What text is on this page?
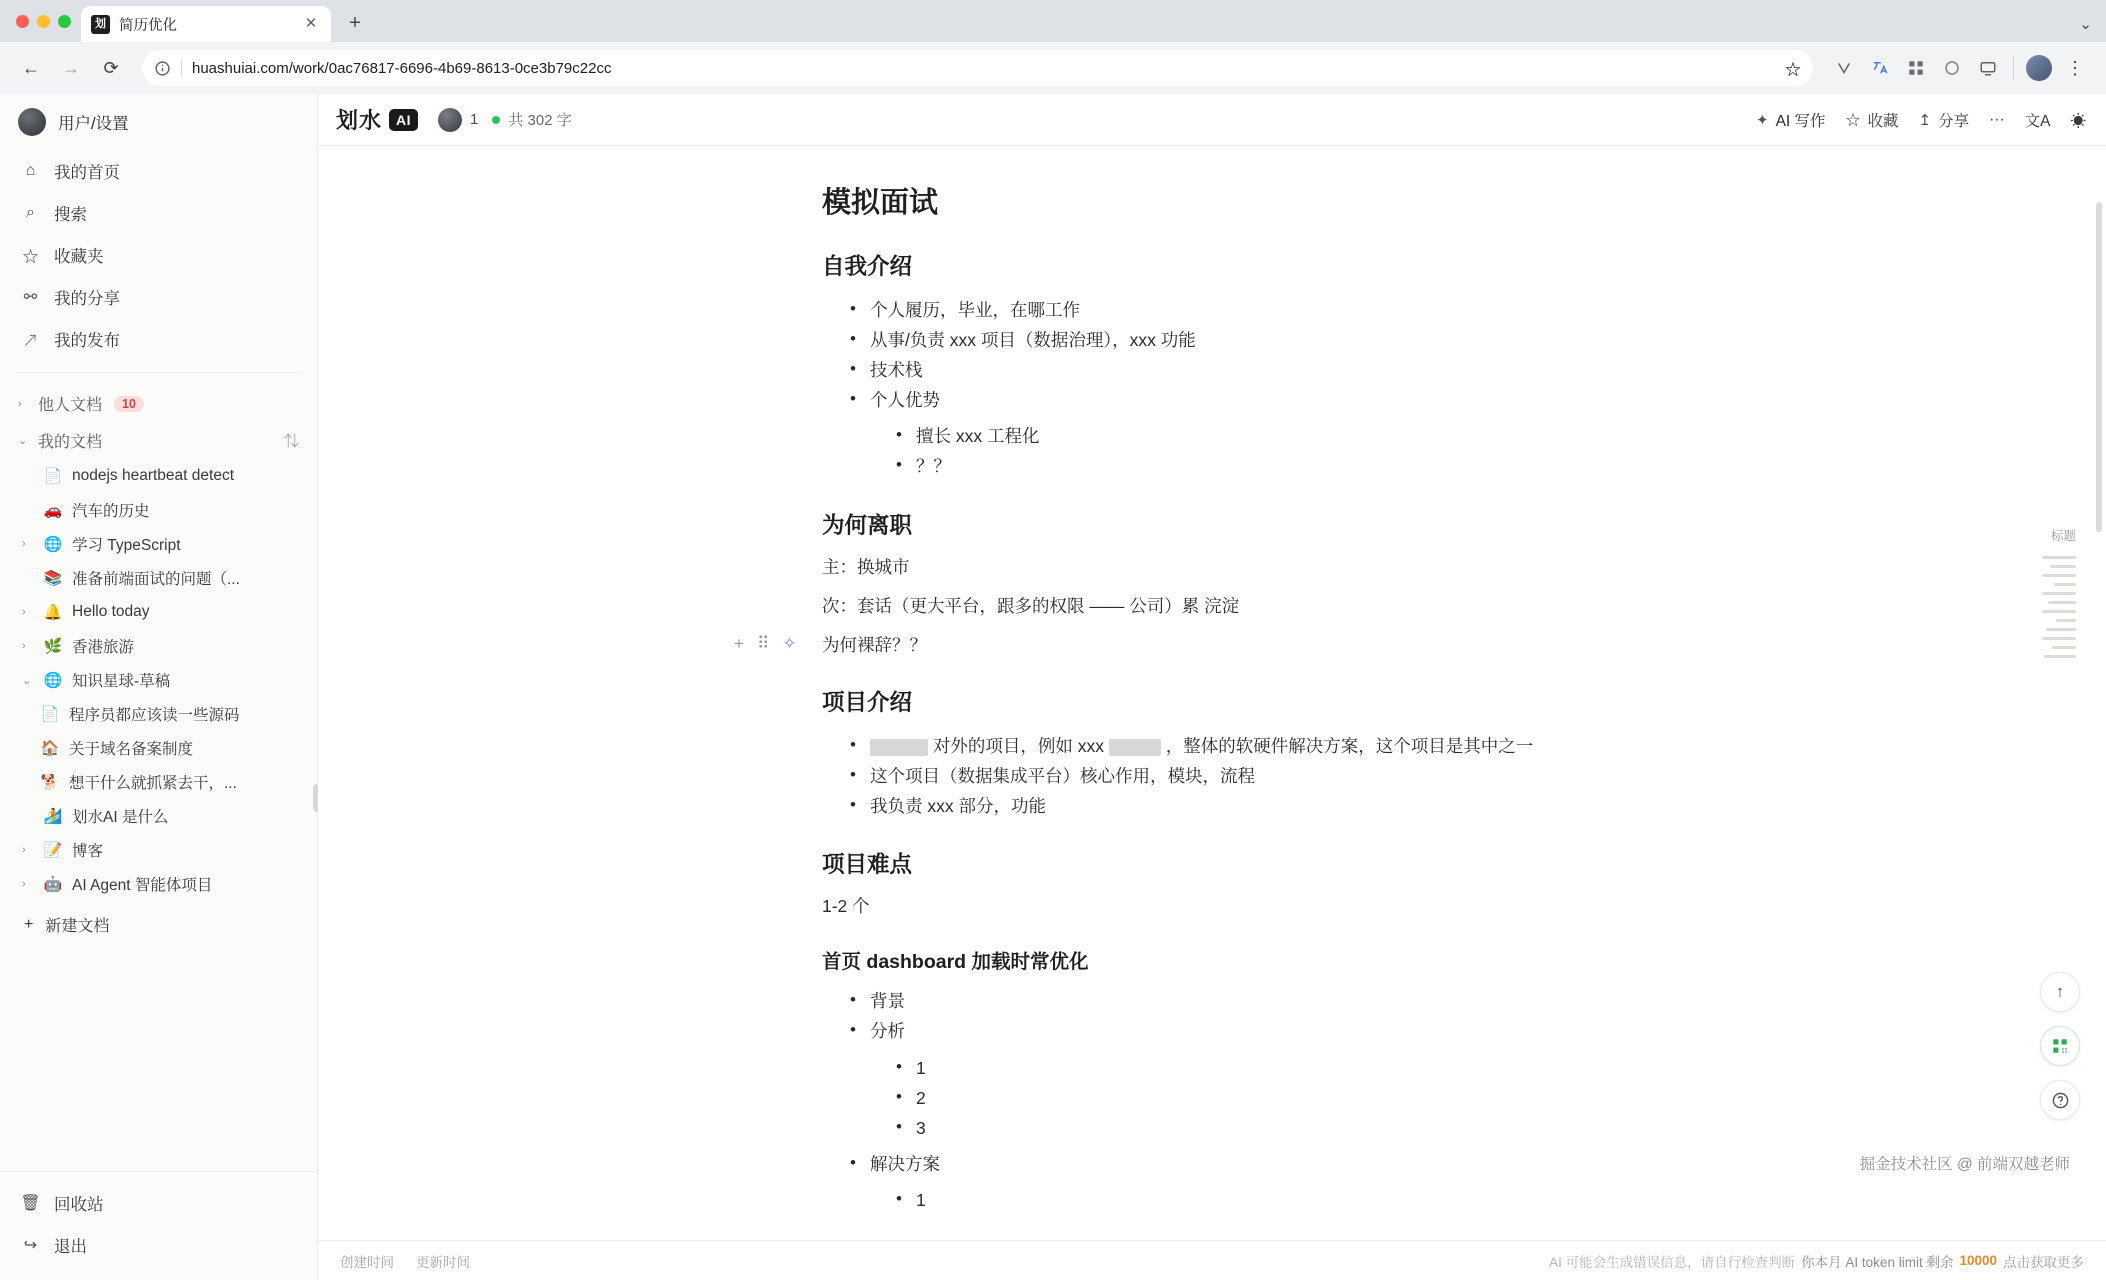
划 简历优化	✕	+	⌄
←	→	⟳	huashuiai.com/work/0ac76817-6696-4b69-8613-0ce3b79c22cc	☆	⋮
用户/设置
⌂	我的首页
⌕	搜索
☆ 收藏夹
⚯ 我的分享
↗ 我的发布
›	他人文档	10
⌄ 我的文档	⇅
📄 nodejs heartbeat detect
🚗 汽车的历史
›	🌐 学习 TypeScript
📚 准备前端面试的问题（...
›	🔔 Hello today
›	🌿 香港旅游
⌄ 🌐 知识星球-草稿
📄 程序员都应该读一些源码
🏠 关于域名备案制度
🐕 想干什么就抓紧去干，...
🏄 划水AI 是什么
›	📝 博客
›	🤖 AI Agent 智能体项目
+ 新建文档
🗑 回收站
↪ 退出
划水	AI	1 共 302 字	✦ AI 写作 ☆ 收藏 ↥ 分享 ··· 文A ☀
模拟面试
自我介绍
• 个人履历，毕业，在哪工作
• 从事/负责 xxx 项目（数据治理），xxx 功能
• 技术栈
• 个人优势
• 擅长 xxx 工程化
• ？？
为何离职

主：换城市

次：套话（更大平台，跟多的权限 —— 公司）累 浣淀

+ ⠿ ✧ 为何裸辞？？

项目介绍
• 对外的项目，例如 xxx	，整体的软硬件解决方案，这个项目是其中之一
• 这个项目（数据集成平台）核心作用，模块，流程
• 我负责 xxx 部分，功能
项目难点

1-2 个

首页 dashboard 加载时常优化
• 背景
• 分析
• 1
• 2
• 3
• 解决方案
• 1
标题
↑
掘金技术社区 @ 前端双越老师
创建时间 更新时间	AI 可能会生成错误信息，请自行检查判断 你本月 AI token limit 剩余 10000 点击获取更多
